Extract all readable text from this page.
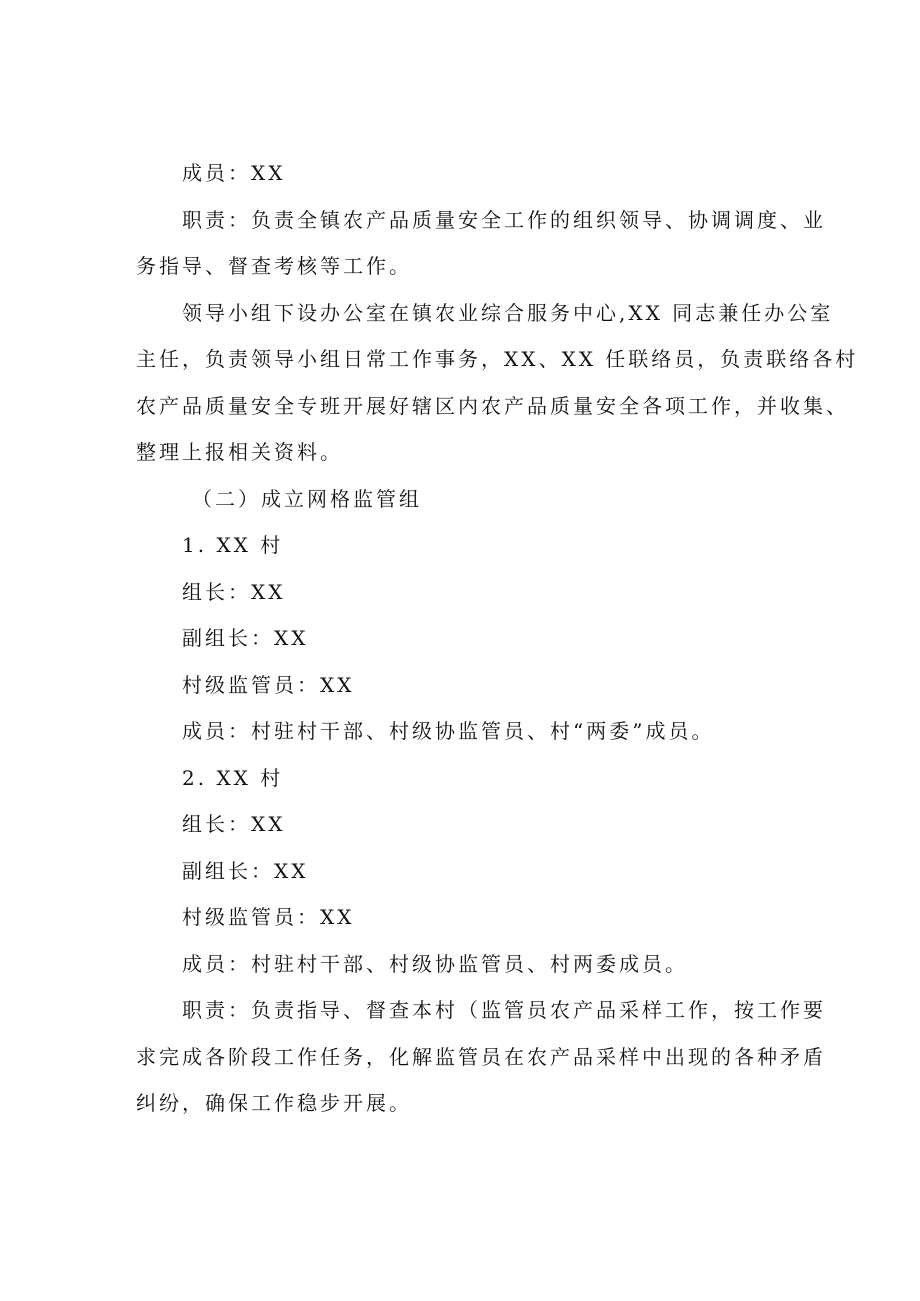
成员：XX
职责：负责全镇农产品质量安全工作的组织领导、协调调度、业
务指导、督查考核等工作。
领导小组下设办公室在镇农业综合服务中心,XX 同志兼任办公室
主任，负责领导小组日常工作事务，XX、XX 任联络员，负责联络各村
农产品质量安全专班开展好辖区内农产品质量安全各项工作，并收集、
整理上报相关资料。
（二）成立网格监管组
1. XX 村
组长：XX
副组长：XX
村级监管员：XX
成员：村驻村干部、村级协监管员、村“两委”成员。
2. XX 村
组长：XX
副组长：XX
村级监管员：XX
成员：村驻村干部、村级协监管员、村两委成员。
职责：负责指导、督查本村（监管员农产品采样工作，按工作要
求完成各阶段工作任务，化解监管员在农产品采样中出现的各种矛盾
纠纷，确保工作稳步开展。
